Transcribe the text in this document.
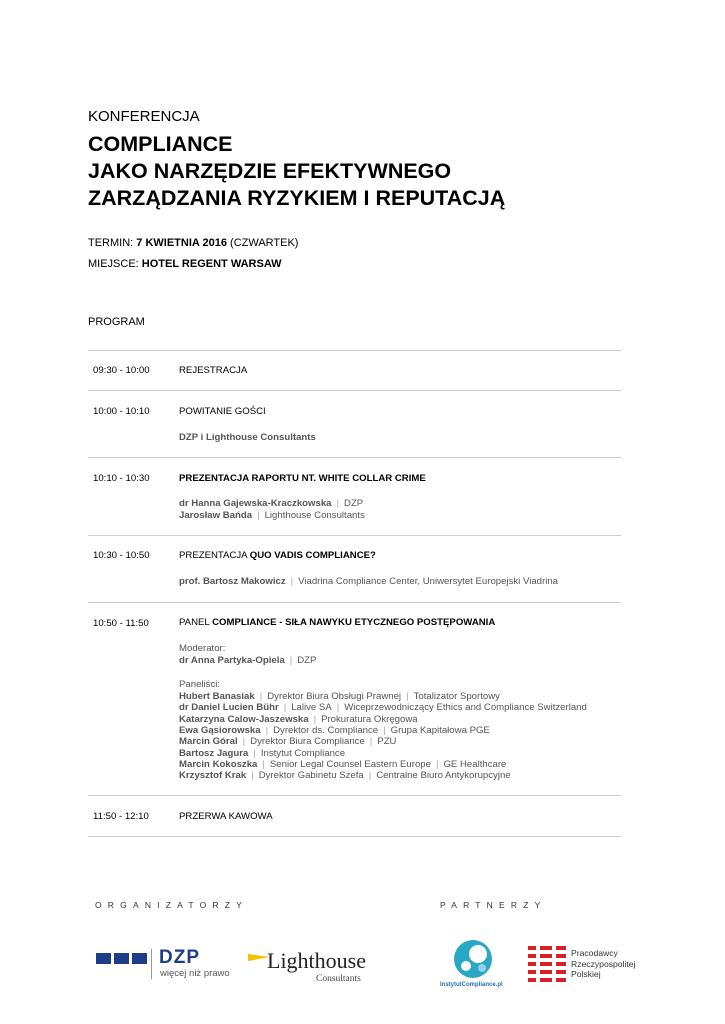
KONFERENCJA
COMPLIANCE
JAKO NARZĘDZIE EFEKTYWNEGO
ZARZĄDZANIA RYZYKIEM I REPUTACJĄ
TERMIN: 7 KWIETNIA 2016 (CZWARTEK)
MIEJSCE: HOTEL REGENT WARSAW
PROGRAM
09:30 - 10:00	REJESTRACJA
10:00 - 10:10	POWITANIE GOŚCI
DZP i Lighthouse Consultants
10:10 - 10:30	PREZENTACJA RAPORTU NT. WHITE COLLAR CRIME
dr Hanna Gajewska-Kraczkowska | DZP
Jarosław Bańda | Lighthouse Consultants
10:30 - 10:50	PREZENTACJA QUO VADIS COMPLIANCE?
prof. Bartosz Makowicz | Viadrina Compliance Center, Uniwersytet Europejski Viadrina
10:50 - 11:50	PANEL COMPLIANCE - SIŁA NAWYKU ETYCZNEGO POSTĘPOWANIA
Moderator:
dr Anna Partyka-Opiela | DZP
Paneliści:
Hubert Banasiak | Dyrektor Biura Obsługi Prawnej | Totalizator Sportowy
dr Daniel Lucien Bühr | Lalive SA | Wiceprzewodniczący Ethics and Compliance Switzerland
Katarzyna Calow-Jaszewska | Prokuratura Okręgowa
Ewa Gąsiorowska | Dyrektor ds. Compliance | Grupa Kapitałowa PGE
Marcin Góral | Dyrektor Biura Compliance | PZU
Bartosz Jagura | Instytut Compliance
Marcin Kokoszka | Senior Legal Counsel Eastern Europe | GE Healthcare
Krzysztof Krak | Dyrektor Gabinetu Szefa | Centralne Biuro Antykorupcyjne
11:50 - 12:10	PRZERWA KAWOWA
ORGANIZATORZY	PARTNERZY
DZP
więcej niż prawo
Lighthouse
Consultants
InstytutCompliance.pl
Pracodawcy
Rzeczypospolitej
Polskiej
